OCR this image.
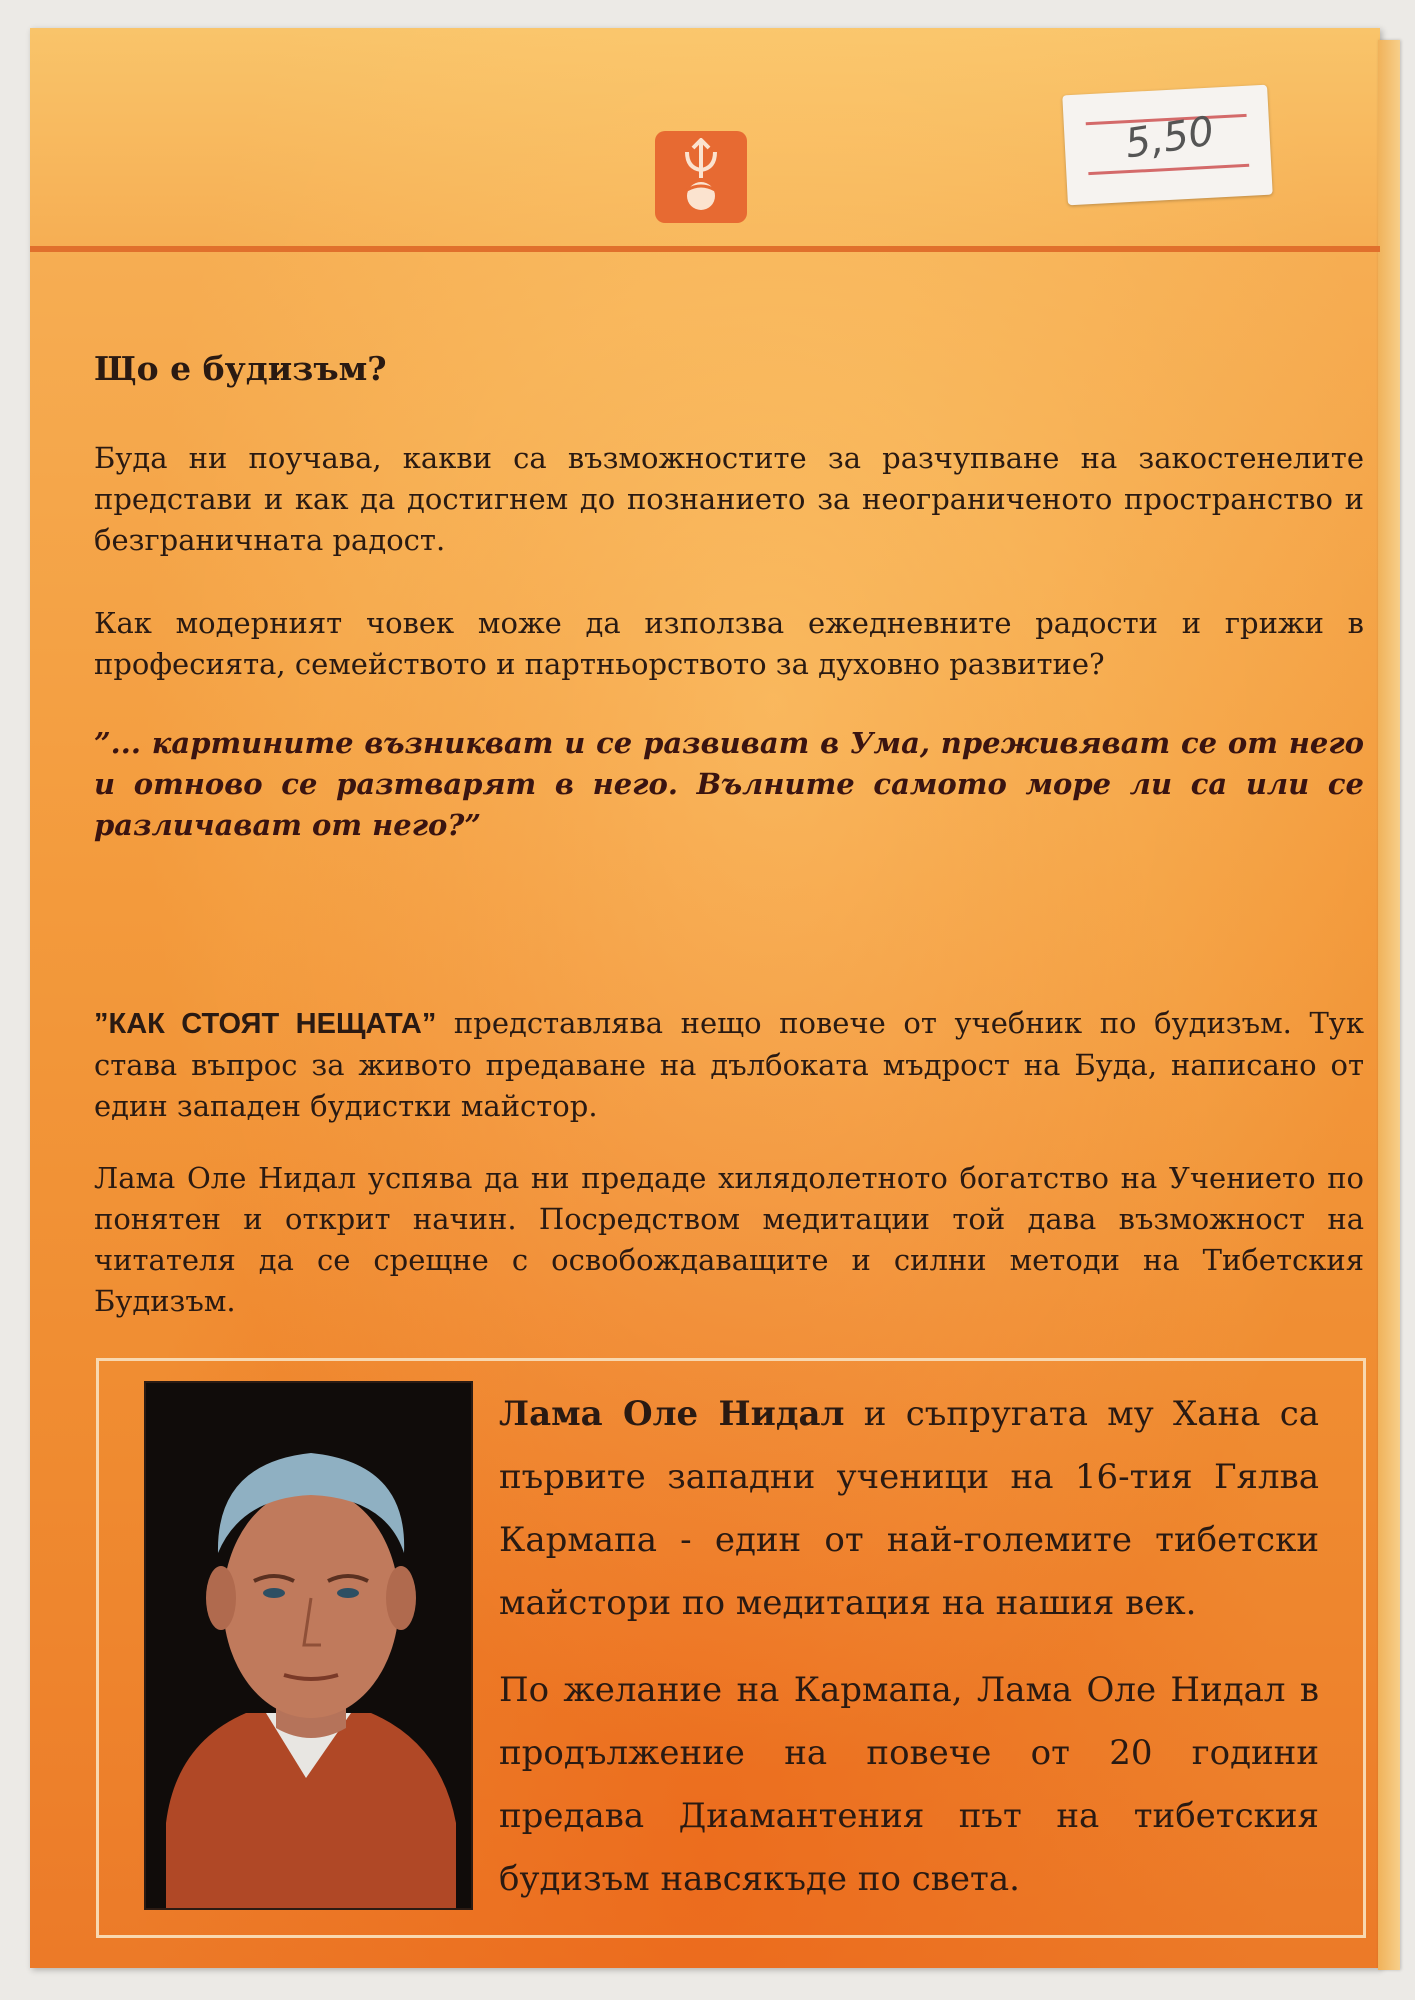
5,50
Що е будизъм?
Буда ни поучава, какви са възможностите за разчупване на закостенелите представи и как да достигнем до познанието за неограниченото пространство и безграничната радост.
Как модерният човек може да използва ежедневните радости и грижи в професията, семейството и партньорството за духовно развитие?
”... картините възникват и се развиват в Ума, преживяват се от него и отново се разтварят в него. Вълните самото море ли са или се различават от него?”
”КАК СТОЯТ НЕЩАТА” представлява нещо повече от учебник по будизъм. Тук става въпрос за живото предаване на дълбоката мъдрост на Буда, написано от един западен будистки майстор.
Лама Оле Нидал успява да ни предаде хилядолетното богатство на Учението по понятен и открит начин. Посредством медитации той дава възможност на читателя да се срещне с освобождаващите и силни методи на Тибетския Будизъм.

Лама Оле Нидал и съпругата му Хана са първите западни ученици на 16-тия Гялва Кармапа - един от най-големите тибетски майстори по медитация на нашия век.

По желание на Кармапа, Лама Оле Нидал в продължение на повече от 20 години предава Диамантения път на тибетския будизъм навсякъде по света.
